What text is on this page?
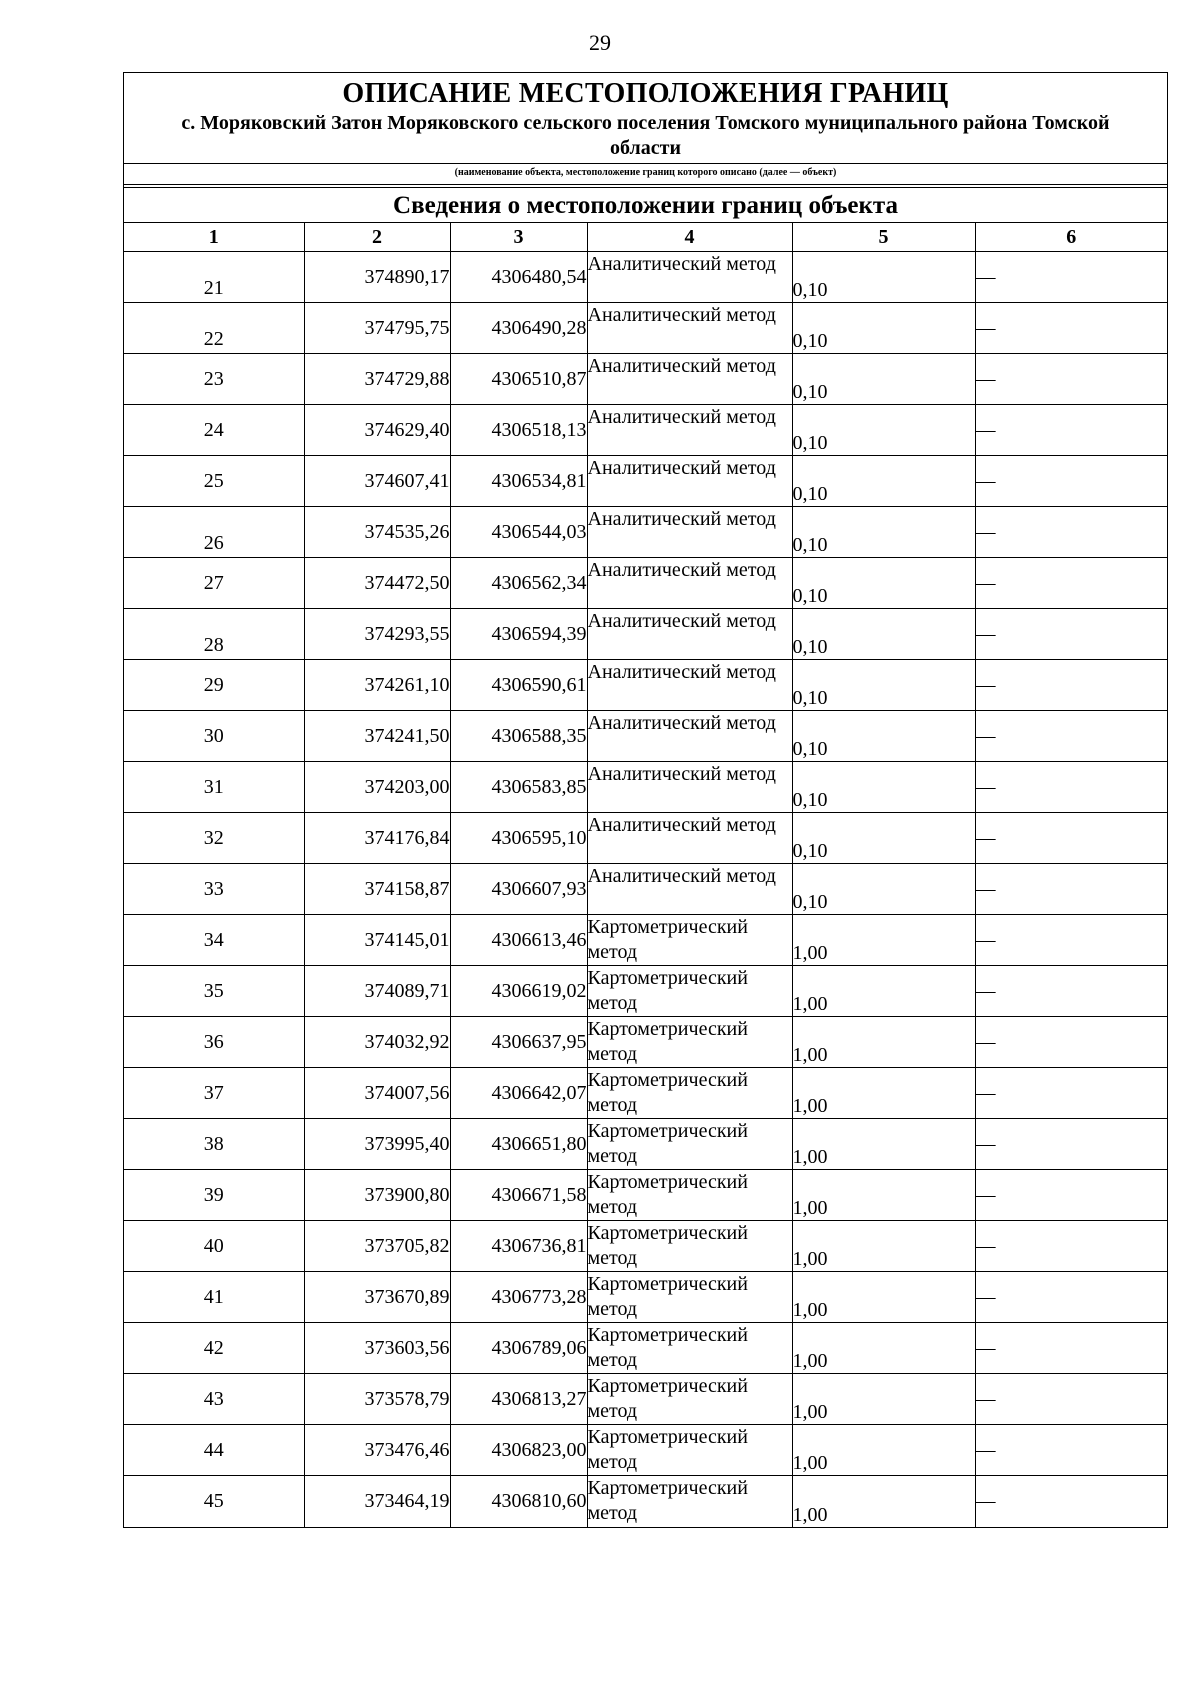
29
ОПИСАНИЕ МЕСТОПОЛОЖЕНИЯ ГРАНИЦ
с. Моряковский Затон Моряковского сельского поселения Томского муниципального района Томской области
(наименование объекта, местоположение границ которого описано (далее — объект)
Сведения о местоположении границ объекта
1	2	3	4	5	6
21	374890,17	4306480,54	Аналитический метод	0,10	—
22	374795,75	4306490,28	Аналитический метод	0,10	—
23	374729,88	4306510,87	Аналитический метод	0,10	—
24	374629,40	4306518,13	Аналитический метод	0,10	—
25	374607,41	4306534,81	Аналитический метод	0,10	—
26	374535,26	4306544,03	Аналитический метод	0,10	—
27	374472,50	4306562,34	Аналитический метод	0,10	—
28	374293,55	4306594,39	Аналитический метод	0,10	—
29	374261,10	4306590,61	Аналитический метод	0,10	—
30	374241,50	4306588,35	Аналитический метод	0,10	—
31	374203,00	4306583,85	Аналитический метод	0,10	—
32	374176,84	4306595,10	Аналитический метод	0,10	—
33	374158,87	4306607,93	Аналитический метод	0,10	—
34	374145,01	4306613,46	Картометрический метод	1,00	—
35	374089,71	4306619,02	Картометрический метод	1,00	—
36	374032,92	4306637,95	Картометрический метод	1,00	—
37	374007,56	4306642,07	Картометрический метод	1,00	—
38	373995,40	4306651,80	Картометрический метод	1,00	—
39	373900,80	4306671,58	Картометрический метод	1,00	—
40	373705,82	4306736,81	Картометрический метод	1,00	—
41	373670,89	4306773,28	Картометрический метод	1,00	—
42	373603,56	4306789,06	Картометрический метод	1,00	—
43	373578,79	4306813,27	Картометрический метод	1,00	—
44	373476,46	4306823,00	Картометрический метод	1,00	—
45	373464,19	4306810,60	Картометрический метод	1,00	—
